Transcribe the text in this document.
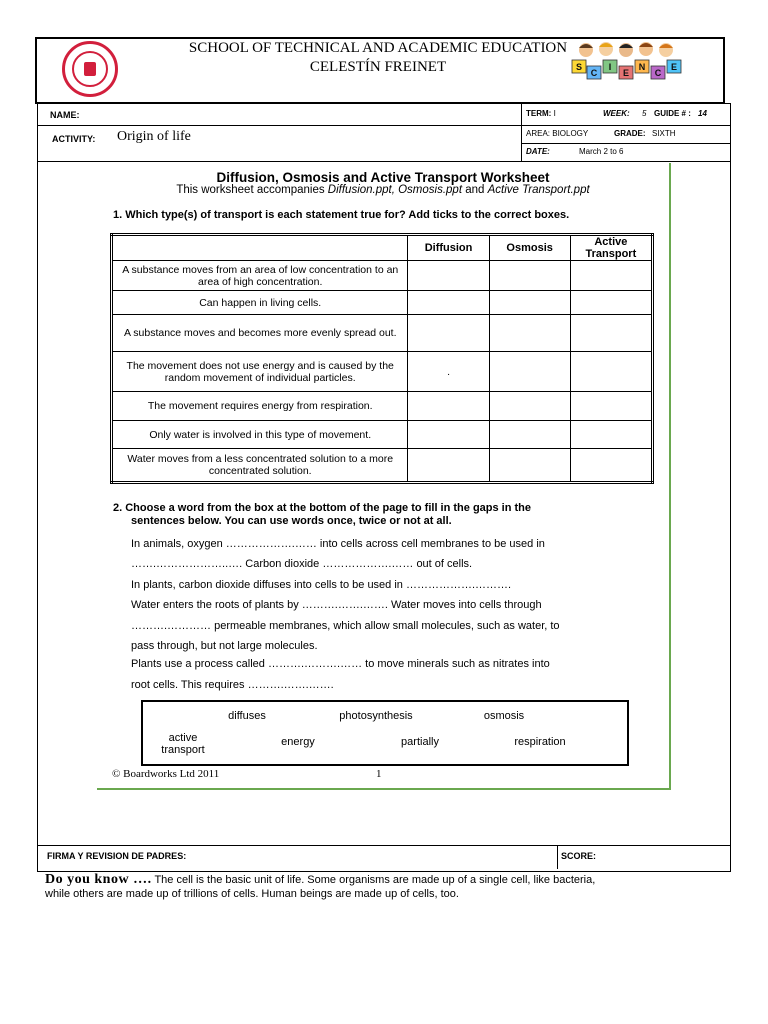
SCHOOL OF TECHNICAL AND ACADEMIC EDUCATION
CELESTÍN FREINET	S
C
I
E
N
C
E
NAME:	TERM: I	WEEK: 5 GUIDE # : 14
ACTIVITY: Origin of life	AREA: BIOLOGY	GRADE: SIXTH
DATE:	March 2 to 6
Diffusion, Osmosis and Active Transport Worksheet
This worksheet accompanies Diffusion.ppt, Osmosis.ppt and Active Transport.ppt
1. Which type(s) of transport is each statement true for? Add ticks to the correct boxes.
	Diffusion	Osmosis	Active Transport
A substance moves from an area of low concentration to an area of high concentration.			
Can happen in living cells.			
A substance moves and becomes more evenly spread out.			
The movement does not use energy and is caused by the random movement of individual particles.	.		
The movement requires energy from respiration.			
Only water is involved in this type of movement.			
Water moves from a less concentrated solution to a more concentrated solution.			
2. Choose a word from the box at the bottom of the page to fill in the gaps in the
sentences below. You can use words once, twice or not at all.
In animals, oxygen ……………….…… into cells across cell membranes to be used in
…….………………..…. Carbon dioxide ……………….…… out of cells.
In plants, carbon dioxide diffuses into cells to be used in ……………….……….
Water enters the roots of plants by ……….…….……. Water moves into cells through
……….………… permeable membranes, which allow small molecules, such as water, to
pass through, but not large molecules.
Plants use a process called ……….……….…… to move minerals such as nitrates into
root cells. This requires ……….…….…….
diffuses	photosynthesis	osmosis
active transport
energy	partially	respiration
© Boardworks Ltd 2011	1
FIRMA Y REVISION DE PADRES:	SCORE:
Do you know …. The cell is the basic unit of life. Some organisms are made up of a single cell, like bacteria,
while others are made up of trillions of cells. Human beings are made up of cells, too.
